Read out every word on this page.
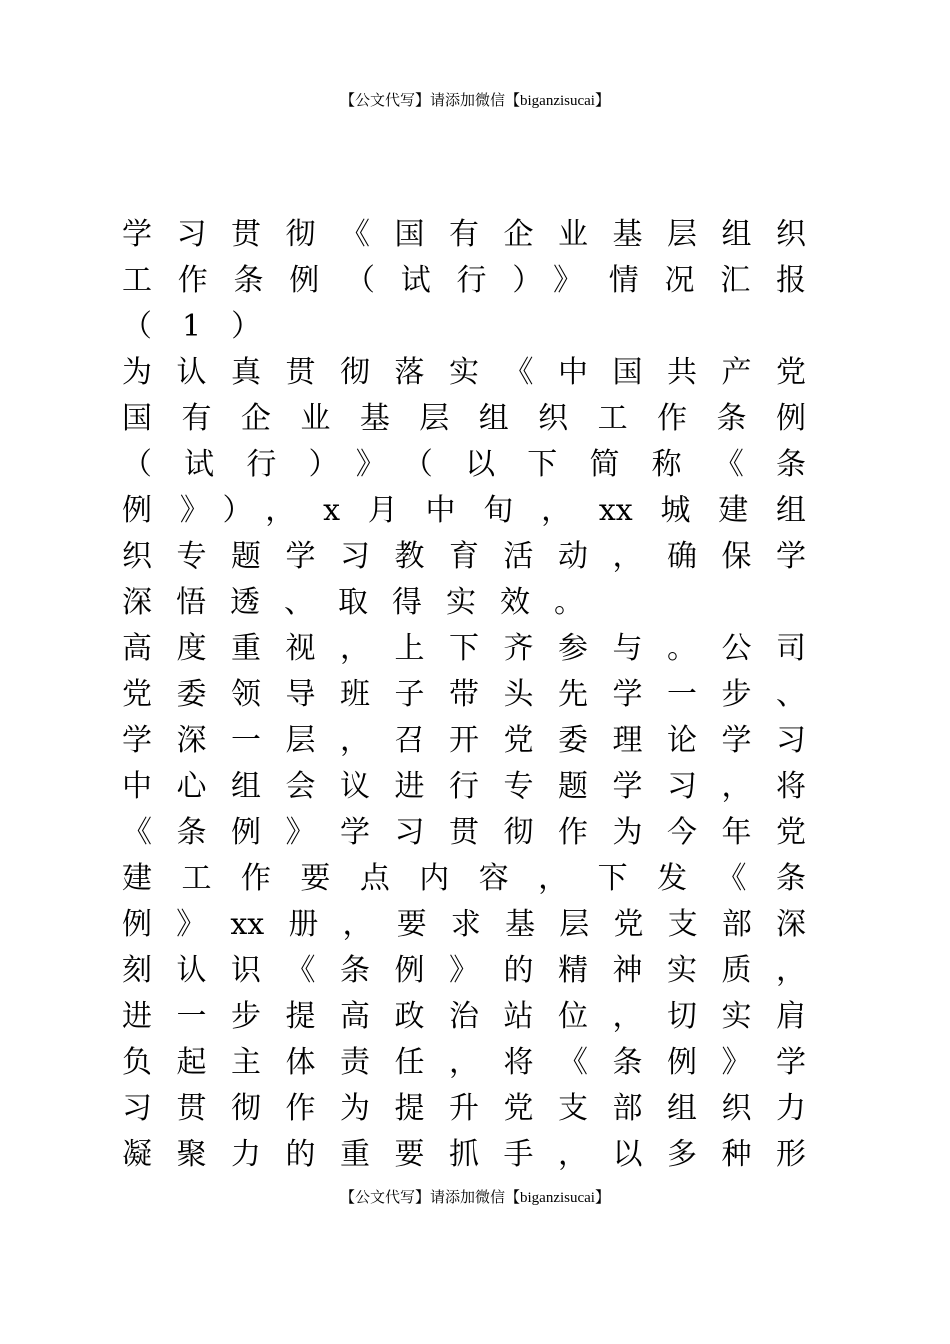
【公文代写】请添加微信【biganzisucai】
学习贯彻《国有企业基层组织
工作条例（试行）》情况汇报
（1）
为认真贯彻落实《中国共产党
国有企业基层组织工作条例
（试行）》（以下简称《条
例》），x月中旬，xx城建组
织专题学习教育活动，确保学
深悟透、取得实效。
高度重视，上下齐参与。公司
党委领导班子带头先学一步、
学深一层，召开党委理论学习
中心组会议进行专题学习，将
《条例》学习贯彻作为今年党
建工作要点内容，下发《条
例》xx册，要求基层党支部深
刻认识《条例》的精神实质，
进一步提高政治站位，切实肩
负起主体责任，将《条例》学
习贯彻作为提升党支部组织力
凝聚力的重要抓手，以多种形
【公文代写】请添加微信【biganzisucai】
